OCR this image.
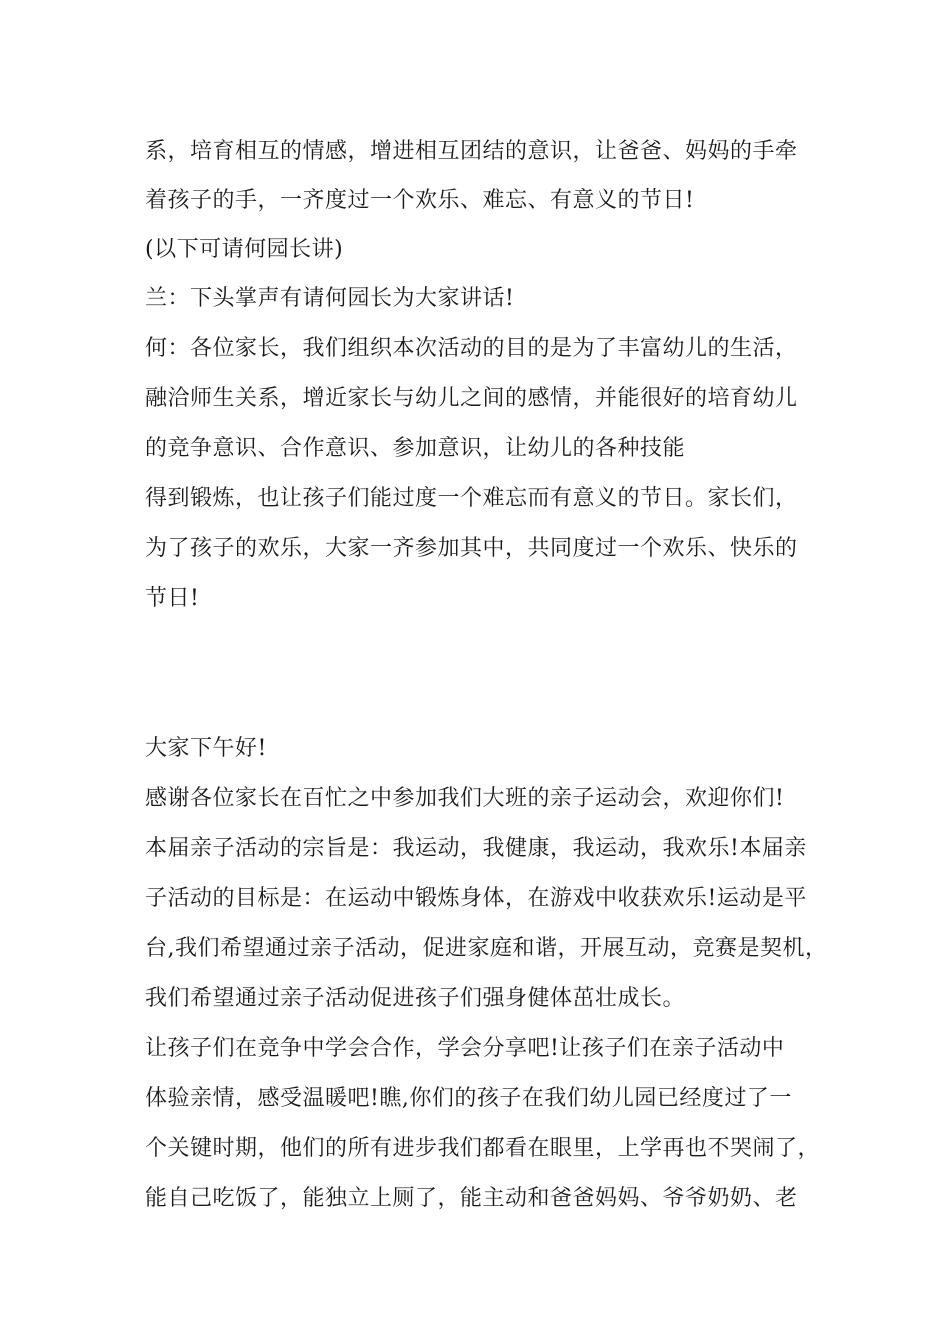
系，培育相互的情感，增进相互团结的意识，让爸爸、妈妈的手牵
着孩子的手，一齐度过一个欢乐、难忘、有意义的节日!
(以下可请何园长讲)
兰：下头掌声有请何园长为大家讲话!
何：各位家长，我们组织本次活动的目的是为了丰富幼儿的生活，
融洽师生关系，增近家长与幼儿之间的感情，并能很好的培育幼儿
的竞争意识、合作意识、参加意识，让幼儿的各种技能
得到锻炼，也让孩子们能过度一个难忘而有意义的节日。家长们，
为了孩子的欢乐，大家一齐参加其中，共同度过一个欢乐、快乐的
节日!
大家下午好!
感谢各位家长在百忙之中参加我们大班的亲子运动会，欢迎你们!
本届亲子活动的宗旨是：我运动，我健康，我运动，我欢乐!本届亲
子活动的目标是：在运动中锻炼身体，在游戏中收获欢乐!运动是平
台,我们希望通过亲子活动，促进家庭和谐，开展互动，竞赛是契机，
我们希望通过亲子活动促进孩子们强身健体茁壮成长。
让孩子们在竞争中学会合作，学会分享吧!让孩子们在亲子活动中
体验亲情，感受温暖吧!瞧,你们的孩子在我们幼儿园已经度过了一
个关键时期，他们的所有进步我们都看在眼里，上学再也不哭闹了，
能自己吃饭了，能独立上厕了，能主动和爸爸妈妈、爷爷奶奶、老
